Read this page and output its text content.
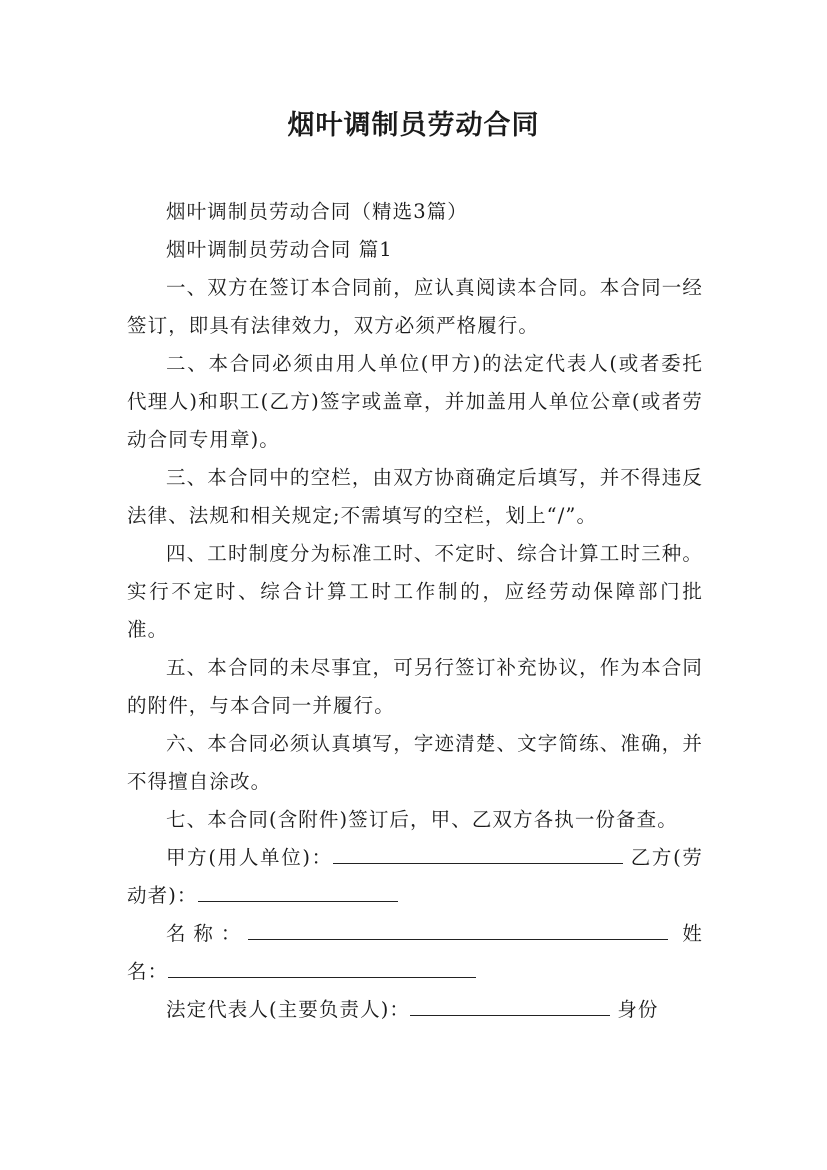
烟叶调制员劳动合同

烟叶调制员劳动合同（精选3篇）

烟叶调制员劳动合同 篇1

一、双方在签订本合同前，应认真阅读本合同。本合同一经签订，即具有法律效力，双方必须严格履行。

二、本合同必须由用人单位(甲方)的法定代表人(或者委托代理人)和职工(乙方)签字或盖章，并加盖用人单位公章(或者劳动合同专用章)。

三、本合同中的空栏，由双方协商确定后填写，并不得违反法律、法规和相关规定;不需填写的空栏，划上“/”。

四、工时制度分为标准工时、不定时、综合计算工时三种。实行不定时、综合计算工时工作制的，应经劳动保障部门批准。

五、本合同的未尽事宜，可另行签订补充协议，作为本合同的附件，与本合同一并履行。

六、本合同必须认真填写，字迹清楚、文字简练、准确，并不得擅自涂改。

七、本合同(含附件)签订后，甲、乙双方各执一份备查。

甲方(用人单位)：	乙方(劳动者)：

名称：	姓名：

法定代表人(主要负责人)：	身份
